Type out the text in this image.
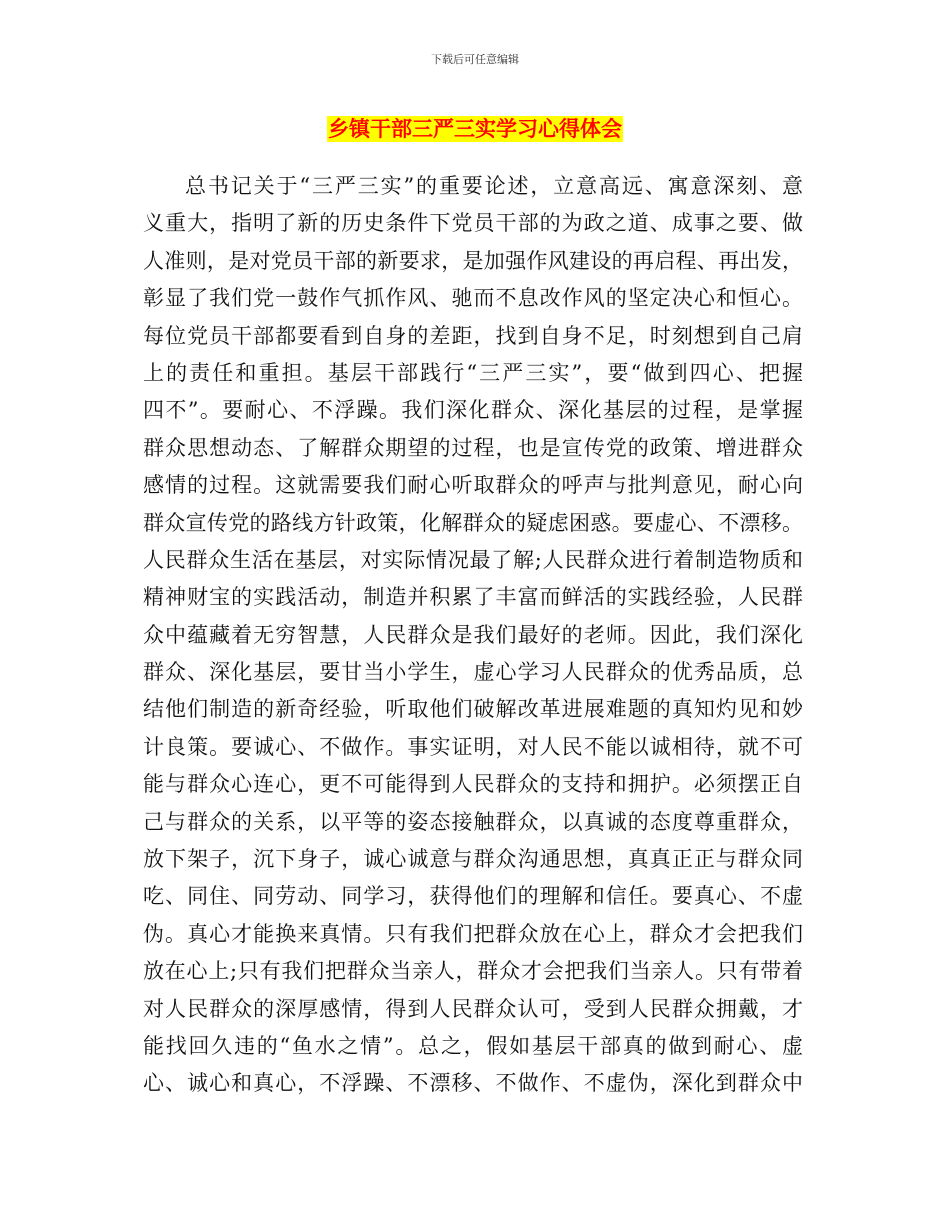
下载后可任意编辑
乡镇干部三严三实学习心得体会
总书记关于“三严三实”的重要论述，立意高远、寓意深刻、意
义重大，指明了新的历史条件下党员干部的为政之道、成事之要、做
人准则，是对党员干部的新要求，是加强作风建设的再启程、再出发，
彰显了我们党一鼓作气抓作风、驰而不息改作风的坚定决心和恒心。
每位党员干部都要看到自身的差距，找到自身不足，时刻想到自己肩
上的责任和重担。基层干部践行“三严三实”，要“做到四心、把握
四不”。要耐心、不浮躁。我们深化群众、深化基层的过程，是掌握
群众思想动态、了解群众期望的过程，也是宣传党的政策、增进群众
感情的过程。这就需要我们耐心听取群众的呼声与批判意见，耐心向
群众宣传党的路线方针政策，化解群众的疑虑困惑。要虚心、不漂移。
人民群众生活在基层，对实际情况最了解;人民群众进行着制造物质和
精神财宝的实践活动，制造并积累了丰富而鲜活的实践经验，人民群
众中蕴藏着无穷智慧，人民群众是我们最好的老师。因此，我们深化
群众、深化基层，要甘当小学生，虚心学习人民群众的优秀品质，总
结他们制造的新奇经验，听取他们破解改革进展难题的真知灼见和妙
计良策。要诚心、不做作。事实证明，对人民不能以诚相待，就不可
能与群众心连心，更不可能得到人民群众的支持和拥护。必须摆正自
己与群众的关系，以平等的姿态接触群众，以真诚的态度尊重群众，
放下架子，沉下身子，诚心诚意与群众沟通思想，真真正正与群众同
吃、同住、同劳动、同学习，获得他们的理解和信任。要真心、不虚
伪。真心才能换来真情。只有我们把群众放在心上，群众才会把我们
放在心上;只有我们把群众当亲人，群众才会把我们当亲人。只有带着
对人民群众的深厚感情，得到人民群众认可，受到人民群众拥戴，才
能找回久违的“鱼水之情”。总之，假如基层干部真的做到耐心、虚
心、诚心和真心，不浮躁、不漂移、不做作、不虚伪，深化到群众中
